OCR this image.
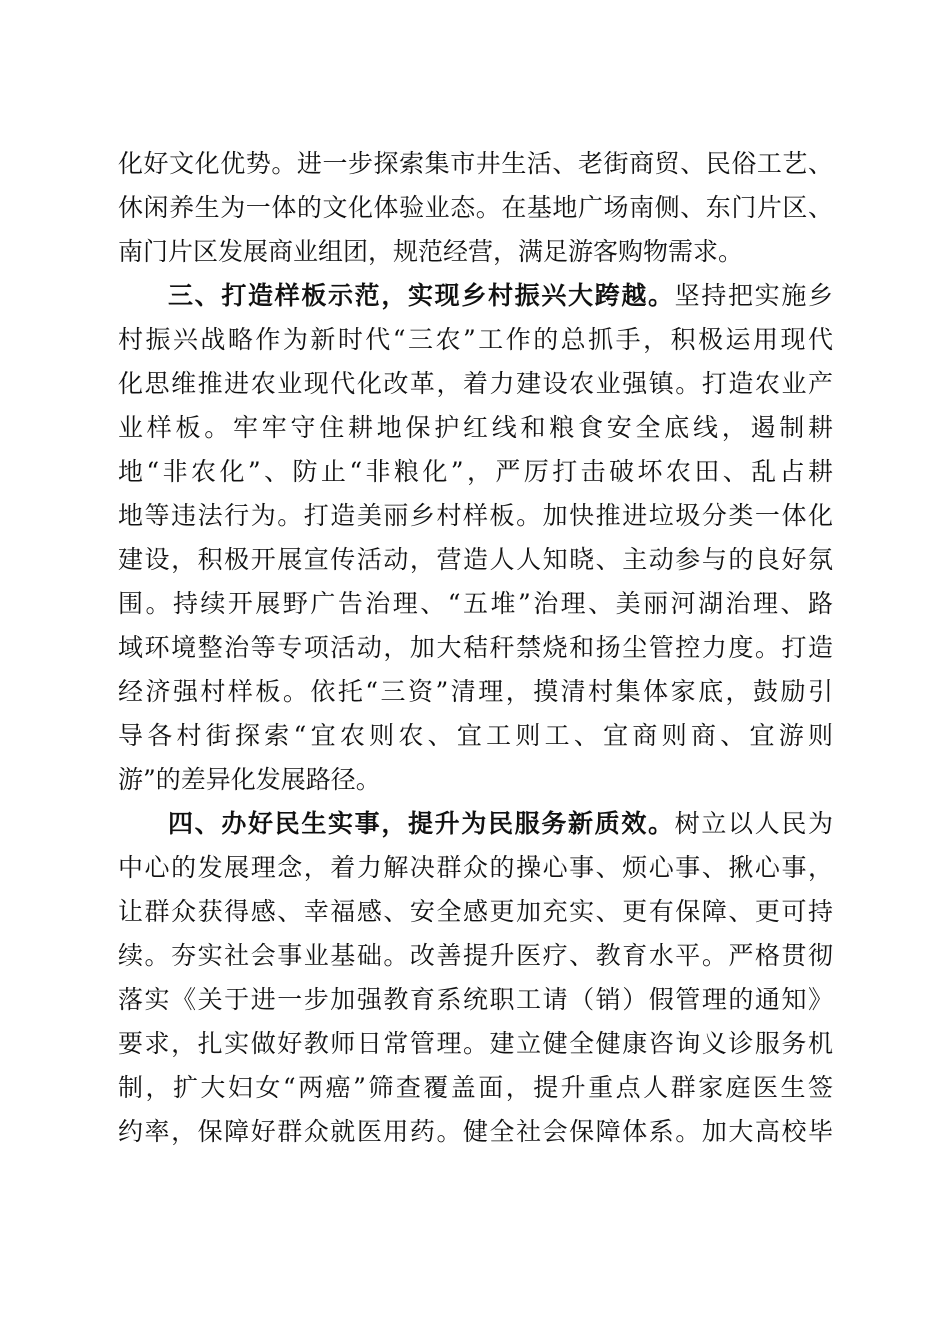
化好文化优势。进一步探索集市井生活、老街商贸、民俗工艺、
休闲养生为一体的文化体验业态。在基地广场南侧、东门片区、
南门片区发展商业组团，规范经营，满足游客购物需求。
三、打造样板示范，实现乡村振兴大跨越。坚持把实施乡
村振兴战略作为新时代“三农”工作的总抓手，积极运用现代
化思维推进农业现代化改革，着力建设农业强镇。打造农业产
业样板。牢牢守住耕地保护红线和粮食安全底线，遏制耕
地“非农化”、防止“非粮化”，严厉打击破坏农田、乱占耕
地等违法行为。打造美丽乡村样板。加快推进垃圾分类一体化
建设，积极开展宣传活动，营造人人知晓、主动参与的良好氛
围。持续开展野广告治理、“五堆”治理、美丽河湖治理、路
域环境整治等专项活动，加大秸秆禁烧和扬尘管控力度。打造
经济强村样板。依托“三资”清理，摸清村集体家底，鼓励引
导各村街探索“宜农则农、宜工则工、宜商则商、宜游则
游”的差异化发展路径。
四、办好民生实事，提升为民服务新质效。树立以人民为
中心的发展理念，着力解决群众的操心事、烦心事、揪心事，
让群众获得感、幸福感、安全感更加充实、更有保障、更可持
续。夯实社会事业基础。改善提升医疗、教育水平。严格贯彻
落实《关于进一步加强教育系统职工请（销）假管理的通知》
要求，扎实做好教师日常管理。建立健全健康咨询义诊服务机
制，扩大妇女“两癌”筛查覆盖面，提升重点人群家庭医生签
约率，保障好群众就医用药。健全社会保障体系。加大高校毕
